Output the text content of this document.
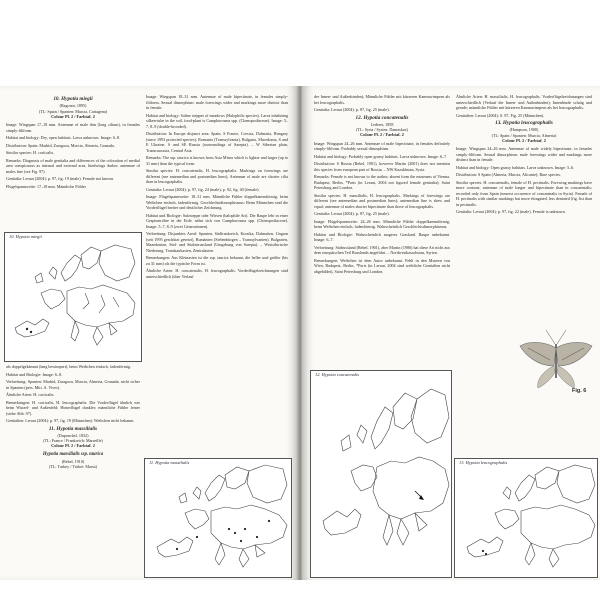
10. Hypotia miegii
(Ragonot, 1895)
(TL: Spain / Spanien: Murcia, Cartagena)
Colour Pl. 2 / Farbtaf. 2

Image: Wingspan 17–18 mm. Antennae of male thin (long cilium), in females simply-filiform.

Habitat and biology: Dry, open habitats. Larva unknown. Image: 6–8.

Distribution: Spain: Madrid, Zaragoza, Murcia, Almeria, Granada.

Similar species: H. corticalis.

Remarks: Diagnosis of male genitalia and differences of the coloration of medial area conspicuous as internal and external area, hindwings darker; antennae of males fine (see Fig. 97).

Genitalia: Leraut (2004): p. 97, fig. 19 (male). Female not known.

Flügelspannweite: 17–18 mm. Männliche Fühler

Image: Wingspan 18–31 mm. Antennae of male bipectinate, in females simply-filiform. Sexual dimorphism: male forewings wider and markings more distinct than in female.

Habitat and biology: Saline steppes of meadows (Halophilic species). Larva inhabiting silken-tube in the soil, food-plant is Camphorosma spp. (Chenopodiaceae). Image: 5–7, 8–9 (double-brooded).

Distribution: In Europe disjunct area. Spain, S France, Corsica, Dalmatia, Hungary (since 1993 protected species), Romania (Transsylvania), Bulgaria, Macedonia, S and E Ukraine, S and SE Russia (surroundings of Sarepta). – W Siberian plain, Transcaucasia, Central Asia.

Remarks: The ssp. taurica is known from Asia Minor which is lighter and larger (up to 31 mm) than the typical form.

Similar species: H. concatenalis, H. leucographalis. Markings on forewings are different (see antemedian and postmedian lines); Antennae of male are shorter cilia than in leucographalis.

Genitalia: Leraut (2004): p. 97, fig. 24 (male); p. 92, fig. 40 (female).

Image: Flügelspannweite: 18–31 mm. Männliche Fühler doppelkammförmig, beim Weibchen einfach, fadenförmig. Geschlechtsdimorphismus: Beim Männchen sind die Vorderflügel breiter und deutlicher Zeichnung.

Habitat und Biologie: Salzsteppe oder Wiesen (halophile Art). Die Raupe lebt in einer Gespinströhre in der Erde, nährt sich von Camphorosma spp. (Chenopodiaceae). Image: 5–7, 8–9 (zwei Generationen).

Verbreitung: Disjunktes Areal: Spanien, Südfrankreich, Korsika, Dalmatien, Ungarn (seit 1993 geschützt gesetzt), Rumänien (Siebenbürgen – Transsylvanien), Bulgarien, Mazedonien, Süd- und Südostrussland (Umgebung von Sarepta). – Westsibirische Niederung, Transkaukasien, Zentralasien.

Bemerkungen: Aus Kleinasien ist die ssp. taurica bekannt, die heller und größer (bis zu 31 mm) als die typische Form ist.

Ähnliche Arten: H. concatenalis, H. leucographalis. Vorderflügelzeichnungen sind unterschiedlich (über Verlauf

10. Hypotia miegii

als doppelgekämmt (lang bewimpert), beim Weibchen einfach, fadenförmig.

Habitat und Biologie: Image: 6–8.

Verbreitung: Spanien: Madrid, Zaragoza, Murcia, Almeria, Granada; nicht sicher in Spanien (pers. Mitt. A. Vives).

Ähnliche Arten: H. corticalis.

Bemerkungen: H. corticalis, H. leucographalis: Die Vorderflügel ähnlich wie beim Wurzel- und Außenfeld; Hinterflügel dunkler; männliche Fühler feiner (siehe Abb. 97).

Genitalien: Leraut (2004): p. 97, fig. 19 (Männchen). Weibchen nicht bekannt.

11. Hypotia massilialis
(Duponchel, 1832)
(TL: France / Frankreich: Marseille)
Colour Pl. 2 / Farbtaf. 2
Hypotia massilialis ssp. taurica
(Rebel, 1910)
(TL: Turkey / Türkei: Marsa)
11. Hypotia massilialis

der Innen- und Außenbinden); Männliche Fühler mit kürzeren Kammwimpern als bei leucographalis.

Genitalia: Leraut (2004): p. 87, fig. 25 (male).

12. Hypotia concatenalis
Lederer, 1858
(TL: Syria / Syrien: Damaskus)
Colour Pl. 2 / Farbtaf. 2

Image: Wingspan 24–26 mm. Antennae of male bipectinate, in females definitely simply-filiform. Probably sexual dimorphism.

Habitat and biology: Probably open grassy habitats. Larva unknown. Image: 6–7.

Distribution: S Russia (Rebel, 1901), however Martin (2001) does not mention this species from european part of Russia. – NW Kazakhstan, Syria.

Remarks: Female is not known to the author; absent from the museums of Vienna, Budapest, Berlin, *Paris (in Leraut, 2004 not figured female genitalia); Saint Petersburg and London.

Similar species: H. massilialis, H. leucographalis. Markings of forewings are different (see antemedian and postmedian lines); antemedian line is skew and equal; antennae of males shorter bipectinate than those of leucographalis.

Genitalia: Leraut (2004): p. 87, fig. 25 (male).

Image: Flügelspannweite: 24–26 mm. Männliche Fühler doppelkammförmig, beim Weibchen einfach, fadenförmig. Wahrscheinlich Geschlechtsdimorphismus.

Habitat und Biologie: Wahrscheinlich mageres Grasland. Raupe unbekannt. Image: 6–7.

Verbreitung: Südrussland (Rebel, 1901), aber Martin (1986) hat diese Art nicht aus dem europäischen Teil Russlands angeführt. – Nordwestkasachstan, Syrien.

Bemerkungen: Weibchen ist dem Autor unbekannt. Fehlt in den Museen von Wien, Budapest, Berlin, *Paris (in Leraut, 2004 sind weibliche Genitalien nicht abgebildet), Saint Petersburg und London.

Ähnliche Arten: H. massilialis, H. leucographalis. Vorderflügelzeichnungen sind unterschiedlich (Verlauf der Innen- und Außenbinden); Innenbinde schräg und gerade; männliche Fühler mit kürzeren Kammwimpern als bei leucographalis.

Genitalien: Leraut (2004): S. 87, Fig. 25 (Männchen).

13. Hypotia leucographalis
(Hampson, 1900)
(TL: Spain / Spanien: Murcia, Almeria)
Colour Pl. 2 / Farbtaf. 2

Image: Wingspan 24–26 mm. Antennae of male widely bipectinate, in females simply-filiform. Sexual dimorphism: male forewings wider and markings more distinct than in female.

Habitat and biology: Open grassy habitats. Larva unknown. Image: 5–6.

Distribution: S Spain (Almeria, Murcia, Alicante); Rare species.

Similar species: H. concatenalis, female of H. pectinalis. Forewing markings have more contrast, antennae of male longer and bipectinate than in concatenalis; recorded only from Spain (nearest occurence of concatenalis in Syria). Female of H. pectinalis with similar markings but more elongated, less dentated (fig. list than in pectinalis.

Genitalia: Leraut (2004): p. 97, fig. 22 (male). Female is unknown.

Fig. 6
12. Hypotia concatenalis
13. Hypotia leucographalis
